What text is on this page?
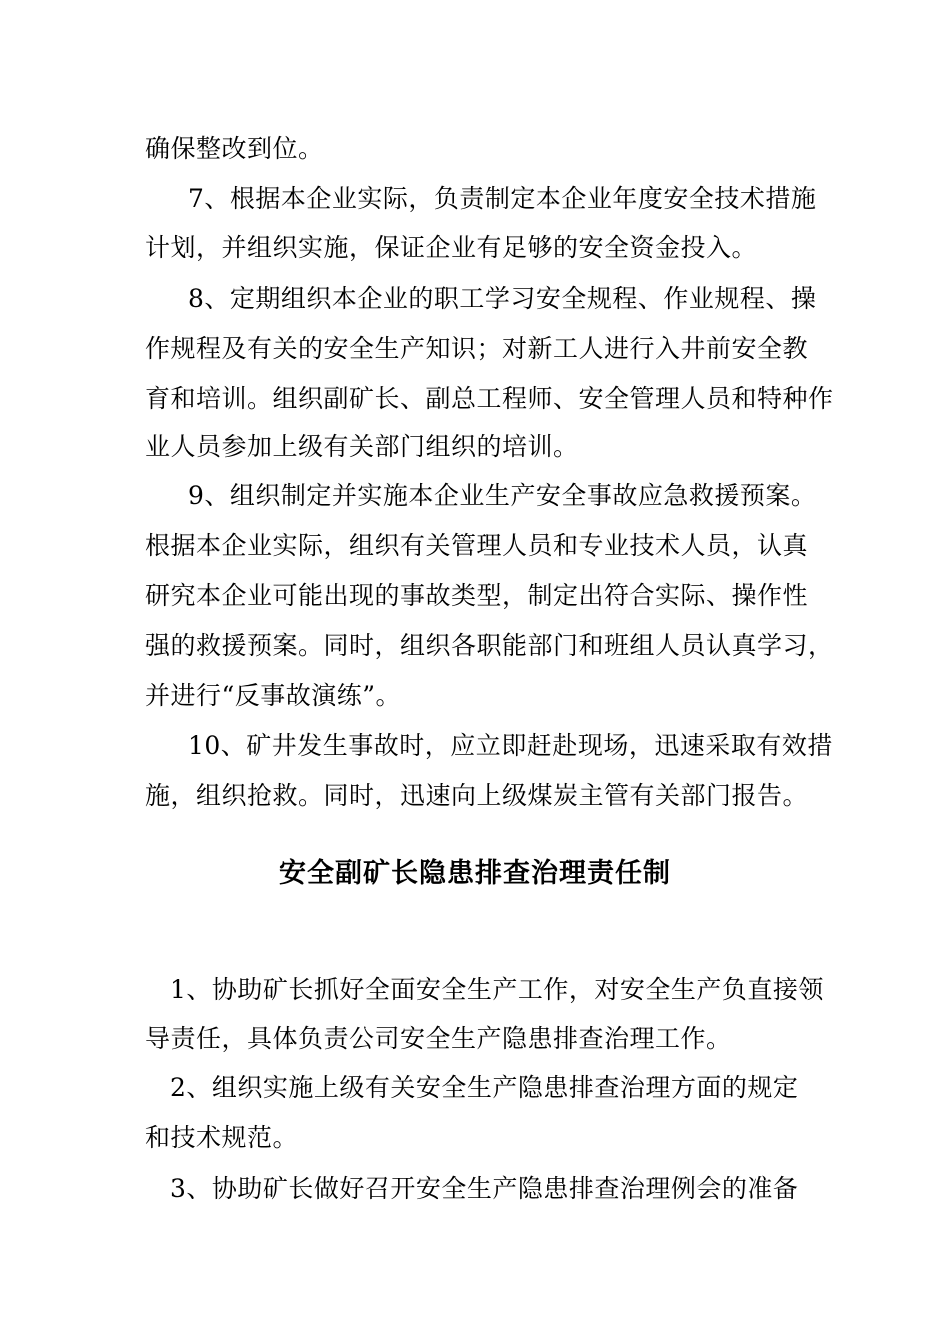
确保整改到位。
7、根据本企业实际，负责制定本企业年度安全技术措施
计划，并组织实施，保证企业有足够的安全资金投入。
8、定期组织本企业的职工学习安全规程、作业规程、操
作规程及有关的安全生产知识；对新工人进行入井前安全教
育和培训。组织副矿长、副总工程师、安全管理人员和特种作
业人员参加上级有关部门组织的培训。
9、组织制定并实施本企业生产安全事故应急救援预案。
根据本企业实际，组织有关管理人员和专业技术人员，认真
研究本企业可能出现的事故类型，制定出符合实际、操作性
强的救援预案。同时，组织各职能部门和班组人员认真学习，
并进行“反事故演练”。
10、矿井发生事故时，应立即赶赴现场，迅速采取有效措
施，组织抢救。同时，迅速向上级煤炭主管有关部门报告。
安全副矿长隐患排查治理责任制
1、协助矿长抓好全面安全生产工作，对安全生产负直接领
导责任，具体负责公司安全生产隐患排查治理工作。
2、组织实施上级有关安全生产隐患排查治理方面的规定
和技术规范。
3、协助矿长做好召开安全生产隐患排查治理例会的准备
